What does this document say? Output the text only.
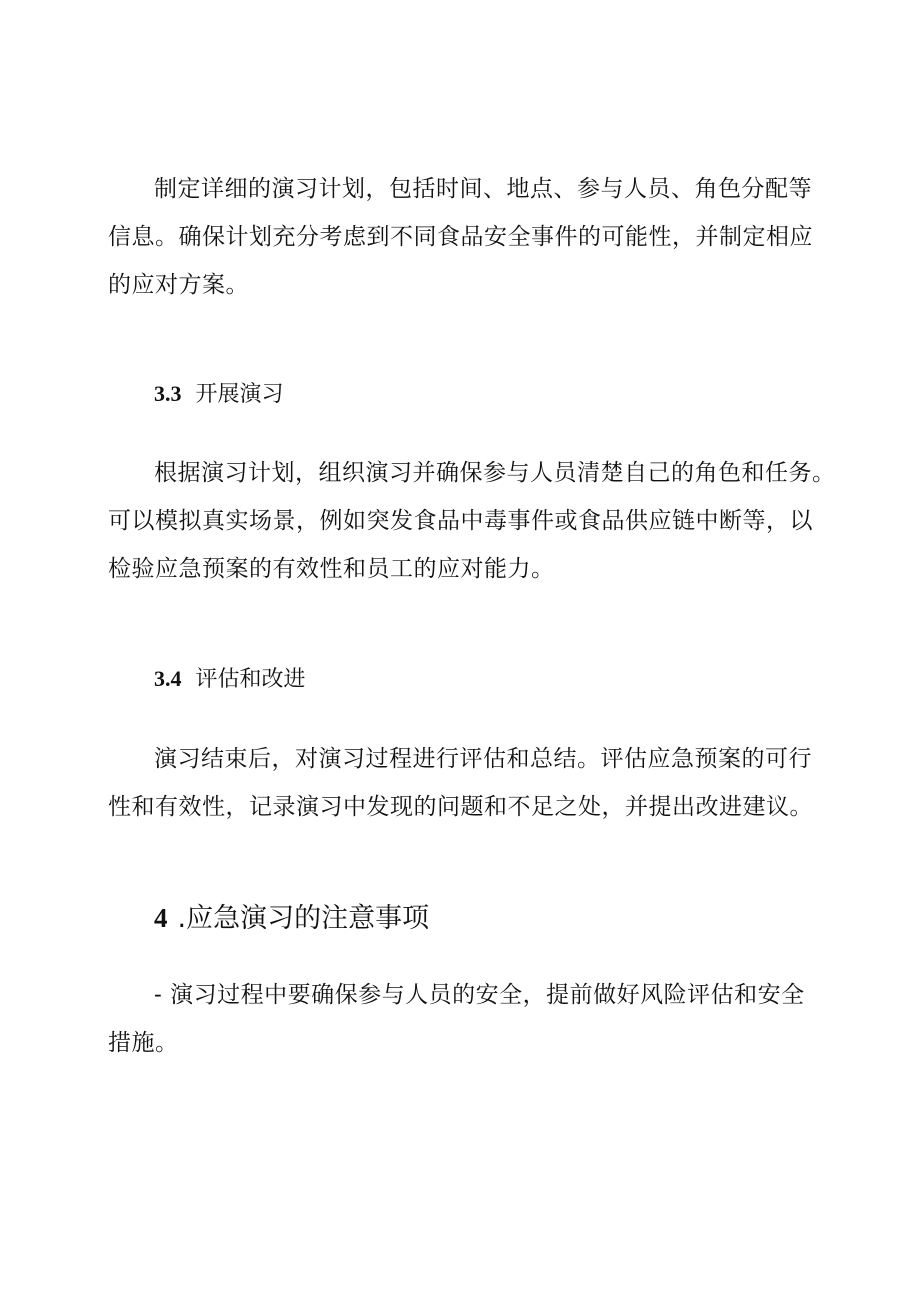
制定详细的演习计划，包括时间、地点、参与人员、角色分配等
信息。确保计划充分考虑到不同食品安全事件的可能性，并制定相应
的应对方案。

3.3 开展演习

根据演习计划，组织演习并确保参与人员清楚自己的角色和任务。
可以模拟真实场景，例如突发食品中毒事件或食品供应链中断等，以
检验应急预案的有效性和员工的应对能力。

3.4 评估和改进

演习结束后，对演习过程进行评估和总结。评估应急预案的可行
性和有效性，记录演习中发现的问题和不足之处，并提出改进建议。

4 .应急演习的注意事项

- 演习过程中要确保参与人员的安全，提前做好风险评估和安全
措施。
